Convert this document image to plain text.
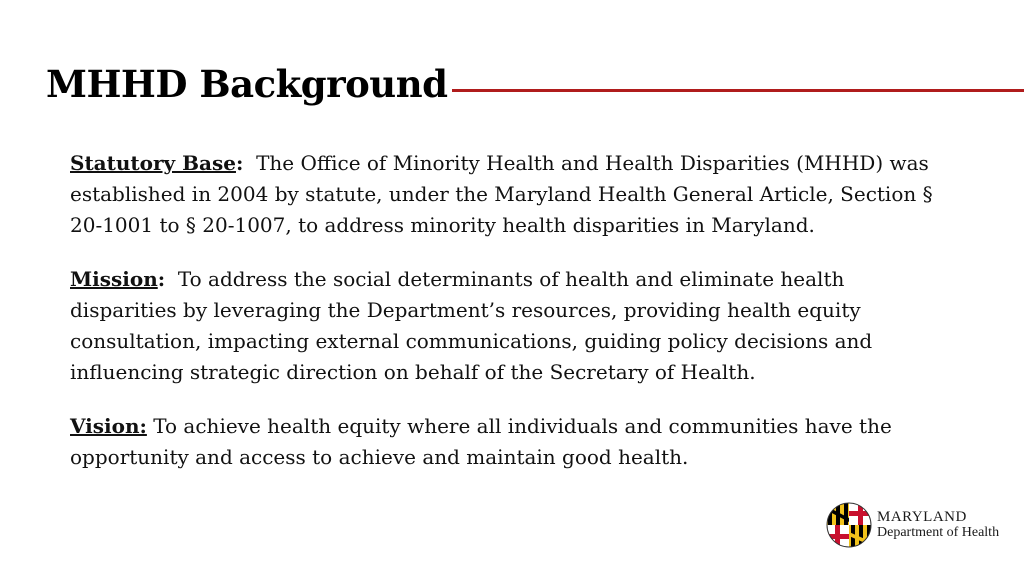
MHHD Background

Statutory Base: The Office of Minority Health and Health Disparities (MHHD) was established in 2004 by statute, under the Maryland Health General Article, Section § 20-1001 to § 20-1007, to address minority health disparities in Maryland.

Mission: To address the social determinants of health and eliminate health disparities by leveraging the Department’s resources, providing health equity consultation, impacting external communications, guiding policy decisions and influencing strategic direction on behalf of the Secretary of Health.

Vision: To achieve health equity where all individuals and communities have the opportunity and access to achieve and maintain good health.

MARYLAND
Department of Health
